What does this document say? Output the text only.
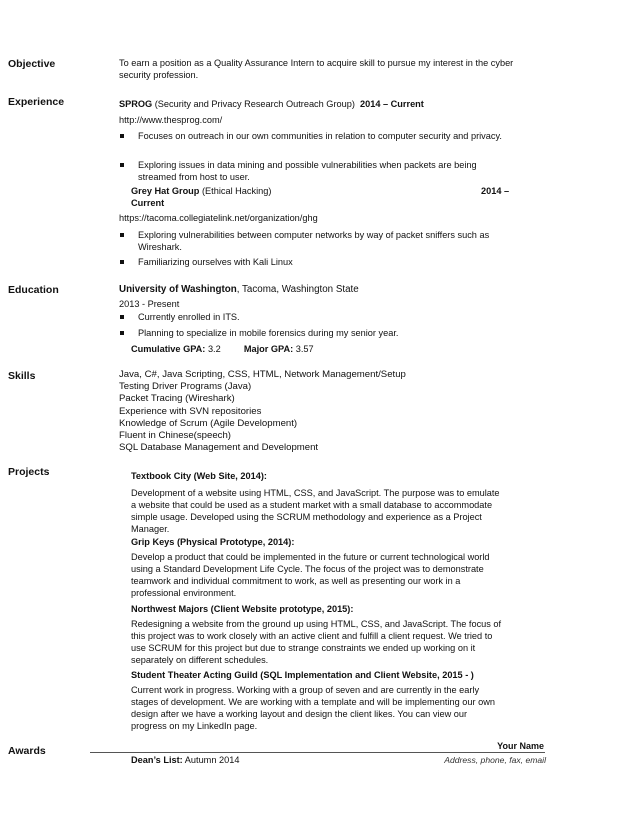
Objective	To earn a position as a Quality Assurance Intern to acquire skill to pursue my interest in the cyber security profession.
Experience	SPROG (Security and Privacy Research Outreach Group) 2014 – Current
http://www.thesprog.com/
Focuses on outreach in our own communities in relation to computer security and privacy.
Exploring issues in data mining and possible vulnerabilities when packets are being streamed from host to user.
Grey Hat Group (Ethical Hacking)	2014 –
Current
https://tacoma.collegiatelink.net/organization/ghg
Exploring vulnerabilities between computer networks by way of packet sniffers such as Wireshark.
Familiarizing ourselves with Kali Linux
Education	University of Washington, Tacoma, Washington State
2013 - Present
Currently enrolled in ITS.
Planning to specialize in mobile forensics during my senior year.
Cumulative GPA: 3.2	Major GPA: 3.57
Skills	Java, C#, Java Scripting, CSS, HTML, Network Management/Setup
Testing Driver Programs (Java)
Packet Tracing (Wireshark)
Experience with SVN repositories
Knowledge of Scrum (Agile Development)
Fluent in Chinese(speech)
SQL Database Management and Development
Projects	Textbook City (Web Site, 2014):
Development of a website using HTML, CSS, and JavaScript. The purpose was to emulate a website that could be used as a student market with a small database to accommodate simple usage. Developed using the SCRUM methodology and experience as a Project Manager.
Grip Keys (Physical Prototype, 2014):
Develop a product that could be implemented in the future or current technological world using a Standard Development Life Cycle. The focus of the project was to demonstrate teamwork and individual commitment to work, as well as presenting our work in a professional environment.
Northwest Majors (Client Website prototype, 2015):
Redesigning a website from the ground up using HTML, CSS, and JavaScript. The focus of this project was to work closely with an active client and fulfill a client request. We tried to use SCRUM for this project but due to strange constraints we ended up working on it separately on different schedules.
Student Theater Acting Guild (SQL Implementation and Client Website, 2015 - )
Current work in progress. Working with a group of seven and are currently in the early stages of development. We are working with a template and will be implementing our own design after we have a working layout and design the client likes. You can view our progress on my LinkedIn page.
Awards
Dean’s List: Autumn 2014
Your Name
Address, phone, fax, email
